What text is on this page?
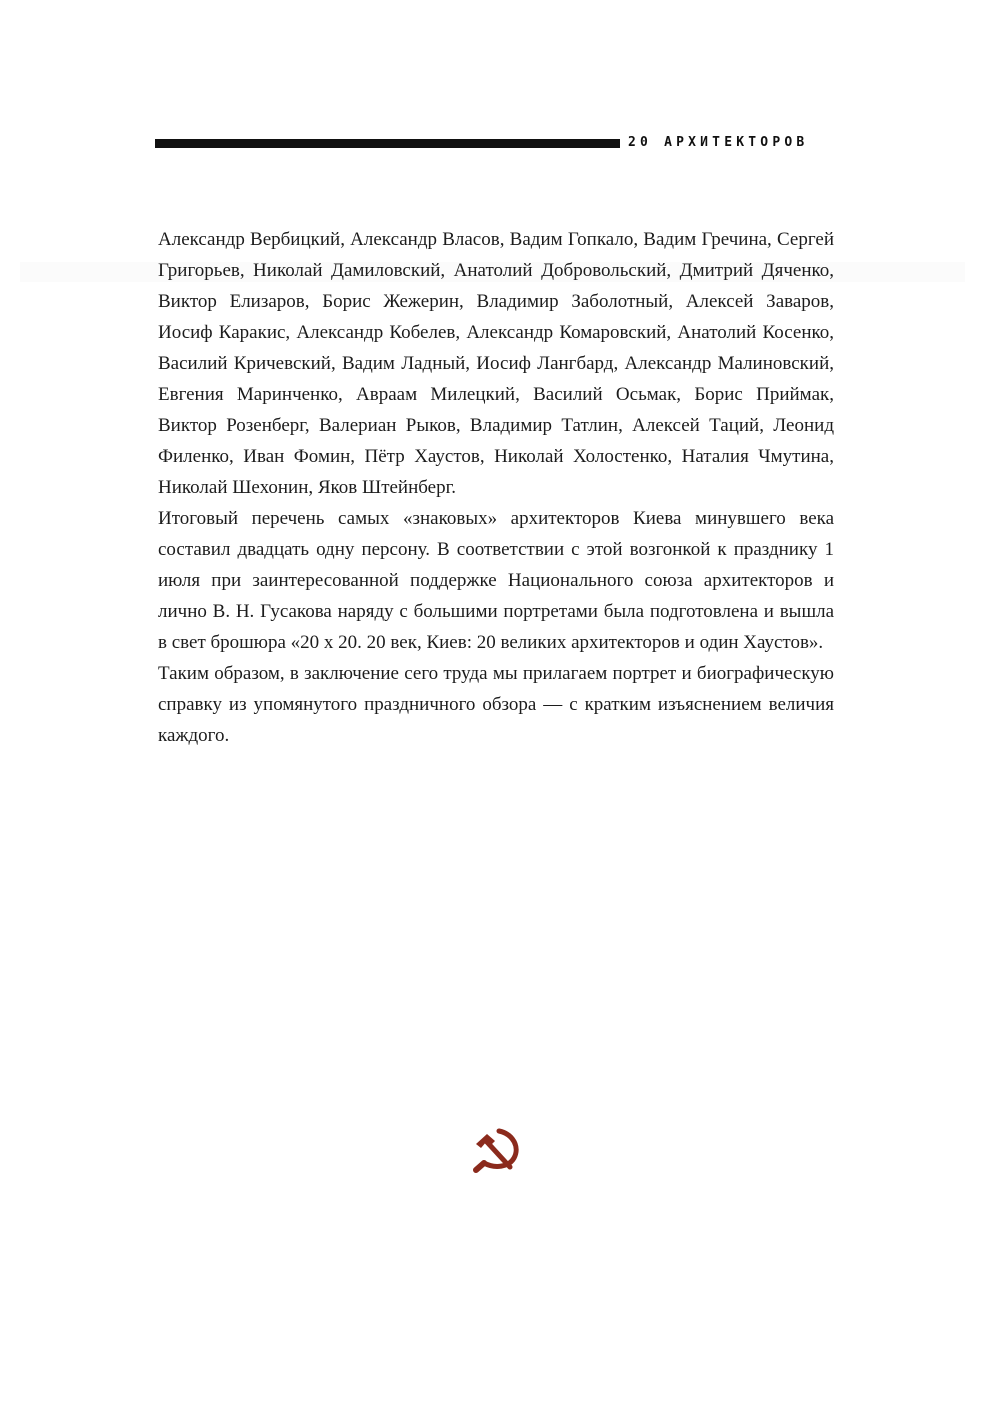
20 АРХИТЕКТОРОВ

Александр Вербицкий, Александр Власов, Вадим Гопкало, Вадим Гречина, Сергей Григорьев, Николай Дамиловский, Анатолий Добровольский, Дмитрий Дяченко, Виктор Елизаров, Борис Жежерин, Владимир Заболотный, Алексей Заваров, Иосиф Каракис, Александр Кобелев, Александр Комаровский, Анатолий Косенко, Василий Кричевский, Вадим Ладный, Иосиф Лангбард, Александр Малиновский, Евгения Маринченко, Авраам Милецкий, Василий Осьмак, Борис Приймак, Виктор Розенберг, Валериан Рыков, Владимир Татлин, Алексей Таций, Леонид Филенко, Иван Фомин, Пётр Хаустов, Николай Холостенко, Наталия Чмутина, Николай Шехонин, Яков Штейнберг.

Итоговый перечень самых «знаковых» архитекторов Киева минувшего века составил двадцать одну персону. В соответствии с этой возгонкой к празднику 1 июля при заинтересованной поддержке Национального союза архитекторов и лично В. Н. Гусакова наряду с большими портретами была подготовлена и вышла в свет брошюра «20 х 20. 20 век, Киев: 20 великих архитекторов и один Хаустов».

Таким образом, в заключение сего труда мы прилагаем портрет и биографическую справку из упомянутого праздничного обзора — с кратким изъяснением величия каждого.
